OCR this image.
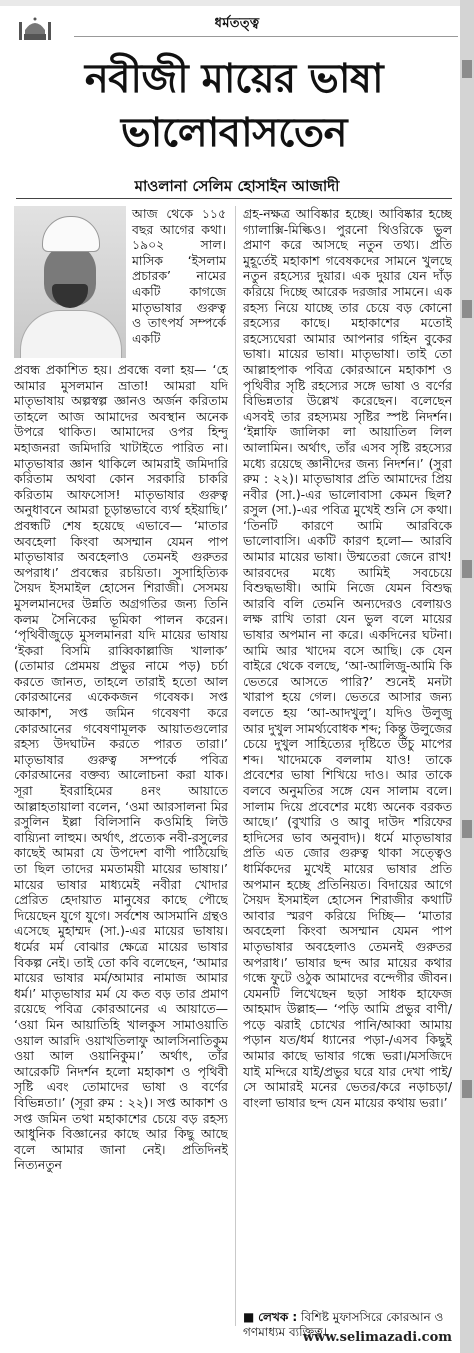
ধর্মতত্ত্ব
নবীজী মায়ের ভাষা ভালোবাসতেন
মাওলানা সেলিম হোসাইন আজাদী
আজ থেকে ১১৫ বছর আগের কথা। ১৯০২ সাল। মাসিক ‘ইসলাম প্রচারক’ নামের একটি কাগজে মাতৃভাষার গুরুত্ব ও তাৎপর্য সম্পর্কে একটি
প্রবন্ধ প্রকাশিত হয়। প্রবন্ধে বলা হয়— ‘হে আমার মুসলমান ভ্রাতা! আমরা যদি মাতৃভাষায় অল্পস্বল্প জ্ঞানও অর্জন করিতাম তাহলে আজ আমাদের অবস্থান অনেক উপরে থাকিত। আমাদের ওপর হিন্দু মহাজনরা জমিদারি খাটাইতে পারিত না। মাতৃভাষার জ্ঞান থাকিলে আমরাই জমিদারি করিতাম অথবা কোন সরকারি চাকরি করিতাম আফসোস! মাতৃভাষার গুরুত্ব অনুধাবনে আমরা চূড়ান্তভাবে ব্যর্থ হইয়াছি।’ প্রবন্ধটি শেষ হয়েছে এভাবে— ‘মাতার অবহেলা কিংবা অসম্মান যেমন পাপ মাতৃভাষার অবহেলাও তেমনই গুরুতর অপরাধ।’ প্রবন্ধের রচয়িতা। সুসাহিত্যিক সৈয়দ ইসমাইল হোসেন শিরাজী। সেসময় মুসলমানদের উন্নতি অগ্রগতির জন্য তিনি কলম সৈনিকের ভূমিকা পালন করেন। ‘পৃথিবীজুড়ে মুসলমানরা যদি মায়ের ভাষায় ‘ইকরা বিসমি রাব্বিকাল্লাজি খালাক’ (তোমার প্রেমময় প্রভুর নামে পড়) চর্চা করতে জানত, তাহলে তারাই হতো আল কোরআনের একেকজন গবেষক। সপ্ত আকাশ, সপ্ত জমিন গবেষণা করে কোরআনের গবেষণামূলক আয়াতগুলোর রহস্য উদঘাটন করতে পারত তারা।’ মাতৃভাষার গুরুত্ব সম্পর্কে পবিত্র কোরআনের বক্তব্য আলোচনা করা যাক। সূরা ইবরাহিমের ৪নং আয়াতে আল্লাহতায়ালা বলেন, ‘ওমা আরসালনা মির রসুলিন ইল্লা বিলিসানি কওমিহি লিউ বায়্যিনা লাহুম। অর্থাৎ, প্রত্যেক নবী-রসুলের কাছেই আমরা যে উপদেশ বাণী পাঠিয়েছি তা ছিল তাদের মমতাময়ী মায়ের ভাষায়।’ মায়ের ভাষার মাধ্যমেই নবীরা খোদার প্রেরিত হেদায়াত মানুষের কাছে পৌছে দিয়েছেন যুগে যুগে। সর্বশেষ আসমানি গ্রন্থও এসেছে মুহাম্মদ (সা.)-এর মায়ের ভাষায়। ধর্মের মর্ম বোঝার ক্ষেত্রে মায়ের ভাষার বিকল্প নেই। তাই তো কবি বলেছেন, ‘আমার মায়ের ভাষার মর্ম/আমার নামাজ আমার ধর্ম।’ মাতৃভাষার মর্ম যে কত বড় তার প্রমাণ রয়েছে পবিত্র কোরআনের এ আয়াতে— ‘ওয়া মিন আয়াতিহি খালকুস সামাওয়াতি ওয়াল আরদি ওয়াখতিলাফু আলসিনাতিকুম ওয়া আল ওয়ানিকুম।’ অর্থাৎ, তাঁর আরেকটি নিদর্শন হলো মহাকাশ ও পৃথিবী সৃষ্টি এবং তোমাদের ভাষা ও বর্ণের বিভিন্নতা।’ (সূরা রুম : ২২)। সপ্ত আকাশ ও সপ্ত জমিন তথা মহাকাশের চেয়ে বড় রহস্য আধুনিক বিজ্ঞানের কাছে আর কিছু আছে বলে আমার জানা নেই। প্রতিদিনই নিত্যনতুন
গ্রহ-নক্ষত্র আবিষ্কার হচ্ছে। আবিষ্কার হচ্ছে গ্যালাক্সি-মিল্কিও। পুরনো থিওরিকে ভুল প্রমাণ করে আসছে নতুন তথ্য। প্রতি মুহূর্তেই মহাকাশ গবেষকদের সামনে খুলছে নতুন রহস্যের দুয়ার। এক দুয়ার যেন দাঁড় করিয়ে দিচ্ছে আরেক দরজার সামনে। এক রহস্য নিয়ে যাচ্ছে তার চেয়ে বড় কোনো রহস্যের কাছে। মহাকাশের মতোই রহস্যেঘেরা আমার আপনার গহিন বুকের ভাষা। মায়ের ভাষা। মাতৃভাষা। তাই তো আল্লাহপাক পবিত্র কোরআনে মহাকাশ ও পৃথিবীর সৃষ্টি রহস্যের সঙ্গে ভাষা ও বর্ণের বিভিন্নতার উল্লেখ করেছেন। বলেছেন এসবই তার রহস্যময় সৃষ্টির স্পষ্ট নিদর্শন। ‘ইন্নাফি জালিকা লা আয়াতিল লিল আলামিন। অর্থাৎ, তাঁর এসব সৃষ্টি রহস্যের মধ্যে রয়েছে জ্ঞানীদের জন্য নিদর্শন।’ (সুরা রুম : ২২)। মাতৃভাষার প্রতি আমাদের প্রিয় নবীর (সা.)-এর ভালোবাসা কেমন ছিল? রসুল (সা.)-এর পবিত্র মুখেই শুনি সে কথা। ‘তিনটি কারণে আমি আরবিকে ভালোবাসি। একটি কারণ হলো— আরবি আমার মায়ের ভাষা। উম্মতেরা জেনে রাখ! আরবদের মধ্যে আমিই সবচেয়ে বিশুদ্ধভাষী। আমি নিজে যেমন বিশুদ্ধ আরবি বলি তেমনি অন্যদেরও বেলায়ও লক্ষ রাখি তারা যেন ভুল বলে মায়ের ভাষার অপমান না করে। একদিনের ঘটনা। আমি আর খাদেম বসে আছি। কে যেন বাইরে থেকে বলছে, ‘আ-আলিজু-আমি কি ভেতরে আসতে পারি?’ শুনেই মনটা খারাপ হয়ে গেল। ভেতরে আসার জন্য বলতে হয় ‘আ-আদখুলু’। যদিও উলুজু আর দুখুল সামর্থ্যবোধক শব্দ; কিন্তু উলুজের চেয়ে দুখুল সাহিত্যের দৃষ্টিতে উঁচু মাপের শব্দ। খাদেমকে বললাম যাও! তাকে প্রবেশের ভাষা শিখিয়ে দাও। আর তাকে বলবে অনুমতির সঙ্গে যেন সালাম বলে। সালাম দিয়ে প্রবেশের মধ্যে অনেক বরকত আছে।’ (বুখারি ও আবু দাউদ শরিফের হাদিসের ভাব অনুবাদ)। ধর্মে মাতৃভাষার প্রতি এত জোর গুরুত্ব থাকা সত্ত্বেও ধার্মিকদের মুখেই মায়ের ভাষার প্রতি অপমান হচ্ছে প্রতিনিয়ত। বিদায়ের আগে সৈয়দ ইসমাইল হোসেন শিরাজীর কথাটি আবার স্মরণ করিয়ে দিচ্ছি— ‘মাতার অবহেলা কিংবা অসম্মান যেমন পাপ মাতৃভাষার অবহেলাও তেমনই গুরুতর অপরাধ।’ ভাষার ছন্দ আর মায়ের কথার গন্ধে ফুটে ওঠুক আমাদের বন্দেগীর জীবন। যেমনটি লিখেছেন ছড়া সাধক হাফেজ আহমাদ উল্লাহ— ‘পড়ি আমি প্রভুর বাণী/পড়ে ঝরাই চোখের পানি/আব্বা আমায় পড়ান যত/ধর্ম ধ্যানের পড়া-/এসব কিছুই আমার কাছে ভাষার গন্ধে ভরা।/মসজিদে যাই মন্দিরে যাই/প্রভুর ঘরে যার দেখা পাই/সে আমারই মনের ভেতর/করে নড়াচড়া/বাংলা ভাষার ছন্দ যেন মায়ের কথায় ভরা।’
■ লেখক : বিশিষ্ট মুফাসসিরে কোরআন ও গণমাধ্যম ব্যক্তিত্ব।
www.selimazadi.com
